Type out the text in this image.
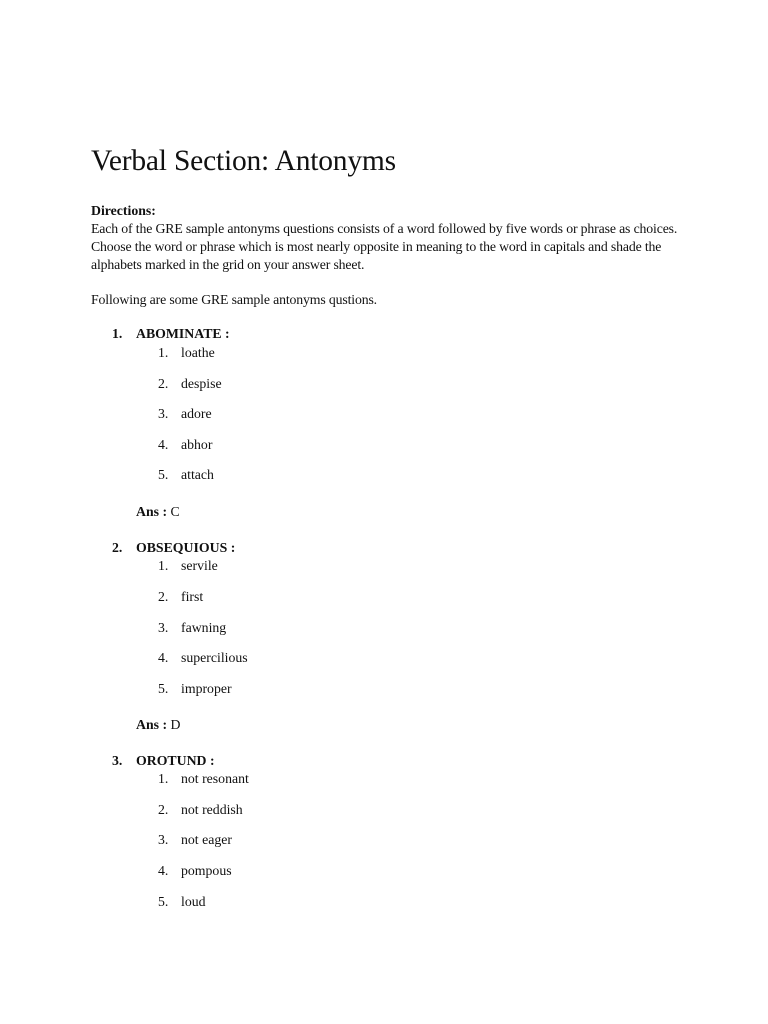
Verbal Section: Antonyms
Directions:
Each of the GRE sample antonyms questions consists of a word followed by five words or phrase as choices. Choose the word or phrase which is most nearly opposite in meaning to the word in capitals and shade the alphabets marked in the grid on your answer sheet.
Following are some GRE sample antonyms qustions.
1. ABOMINATE :
1. loathe
2. despise
3. adore
4. abhor
5. attach
Ans : C
2. OBSEQUIOUS :
1. servile
2. first
3. fawning
4. supercilious
5. improper
Ans : D
3. OROTUND :
1. not resonant
2. not reddish
3. not eager
4. pompous
5. loud
